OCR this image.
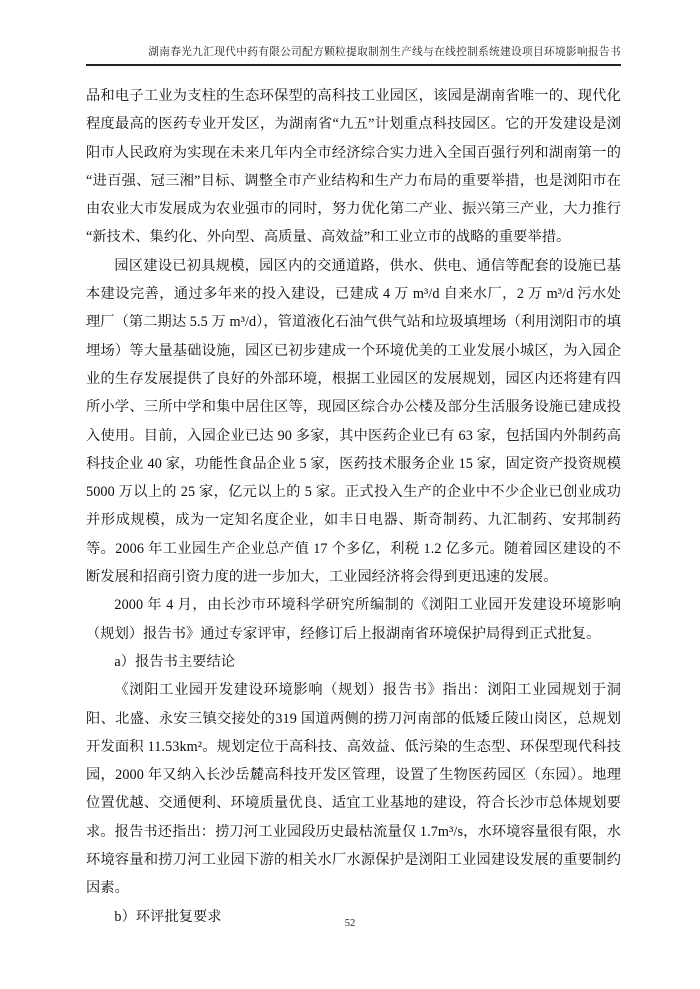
湖南春光九汇现代中药有限公司配方颗粒提取制剂生产线与在线控制系统建设项目环境影响报告书

品和电子工业为支柱的生态环保型的高科技工业园区，该园是湖南省唯一的、现代化程度最高的医药专业开发区，为湖南省“九五”计划重点科技园区。它的开发建设是浏阳市人民政府为实现在未来几年内全市经济综合实力进入全国百强行列和湖南第一的“进百强、冠三湘”目标、调整全市产业结构和生产力布局的重要举措，也是浏阳市在由农业大市发展成为农业强市的同时，努力优化第二产业、振兴第三产业，大力推行“新技术、集约化、外向型、高质量、高效益”和工业立市的战略的重要举措。

园区建设已初具规模，园区内的交通道路，供水、供电、通信等配套的设施已基本建设完善，通过多年来的投入建设，已建成 4 万 m³/d 自来水厂，2 万 m³/d 污水处理厂（第二期达 5.5 万 m³/d），管道液化石油气供气站和垃圾填埋场（利用浏阳市的填埋场）等大量基础设施，园区已初步建成一个环境优美的工业发展小城区，为入园企业的生存发展提供了良好的外部环境，根据工业园区的发展规划，园区内还将建有四所小学、三所中学和集中居住区等，现园区综合办公楼及部分生活服务设施已建成投入使用。目前，入园企业已达 90 多家，其中医药企业已有 63 家，包括国内外制药高科技企业 40 家，功能性食品企业 5 家，医药技术服务企业 15 家，固定资产投资规模 5000 万以上的 25 家，亿元以上的 5 家。正式投入生产的企业中不少企业已创业成功并形成规模，成为一定知名度企业，如丰日电器、斯奇制药、九汇制药、安邦制药等。2006 年工业园生产企业总产值 17 个多亿，利税 1.2 亿多元。随着园区建设的不断发展和招商引资力度的进一步加大，工业园经济将会得到更迅速的发展。

2000 年 4 月，由长沙市环境科学研究所编制的《浏阳工业园开发建设环境影响（规划）报告书》通过专家评审，经修订后上报湖南省环境保护局得到正式批复。

a）报告书主要结论

《浏阳工业园开发建设环境影响（规划）报告书》指出：浏阳工业园规划于洞阳、北盛、永安三镇交接处的319 国道两侧的捞刀河南部的低矮丘陵山岗区，总规划开发面积 11.53km²。规划定位于高科技、高效益、低污染的生态型、环保型现代科技园，2000 年又纳入长沙岳麓高科技开发区管理，设置了生物医药园区（东园）。地理位置优越、交通便利、环境质量优良、适宜工业基地的建设，符合长沙市总体规划要求。报告书还指出：捞刀河工业园段历史最枯流量仅 1.7m³/s，水环境容量很有限，水环境容量和捞刀河工业园下游的相关水厂水源保护是浏阳工业园建设发展的重要制约因素。

b）环评批复要求	52
